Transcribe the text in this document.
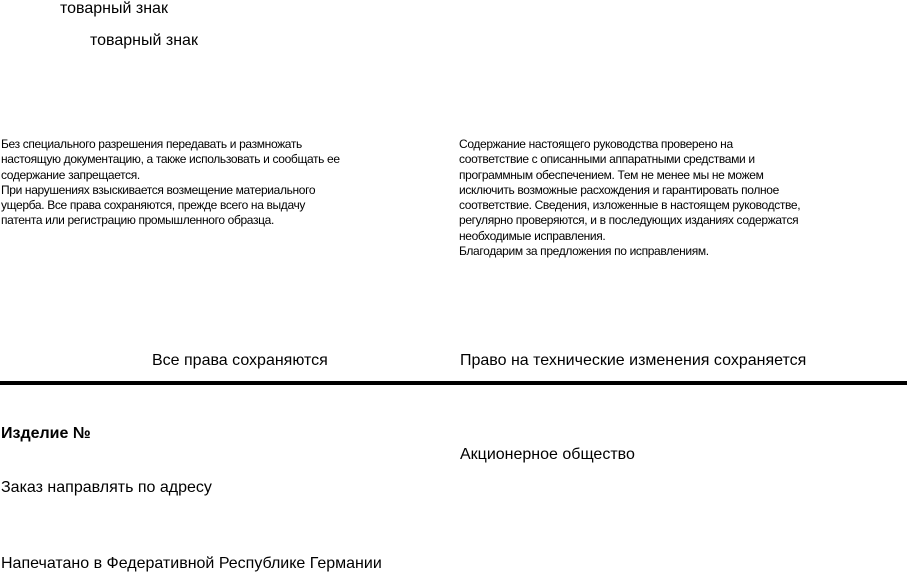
товарный знак
товарный знак
Без специального разрешения передавать и размножать
настоящую документацию, а также использовать и сообщать ее
содержание запрещается.
При нарушениях взыскивается возмещение материального
ущерба. Все права сохраняются, прежде всего на выдачу
патента или регистрацию промышленного образца.
Содержание настоящего руководства проверено на
соответствие с описанными аппаратными средствами и
программным обеспечением. Тем не менее мы не можем
исключить возможные расхождения и гарантировать полное
соответствие. Сведения, изложенные в настоящем руководстве,
регулярно проверяются, и в последующих изданиях содержатся
необходимые исправления.
Благодарим за предложения по исправлениям.
Все права сохраняются	Право на технические изменения сохраняется
Изделие №
Акционерное общество
Заказ направлять по адресу
Напечатано в Федеративной Республике Германии
